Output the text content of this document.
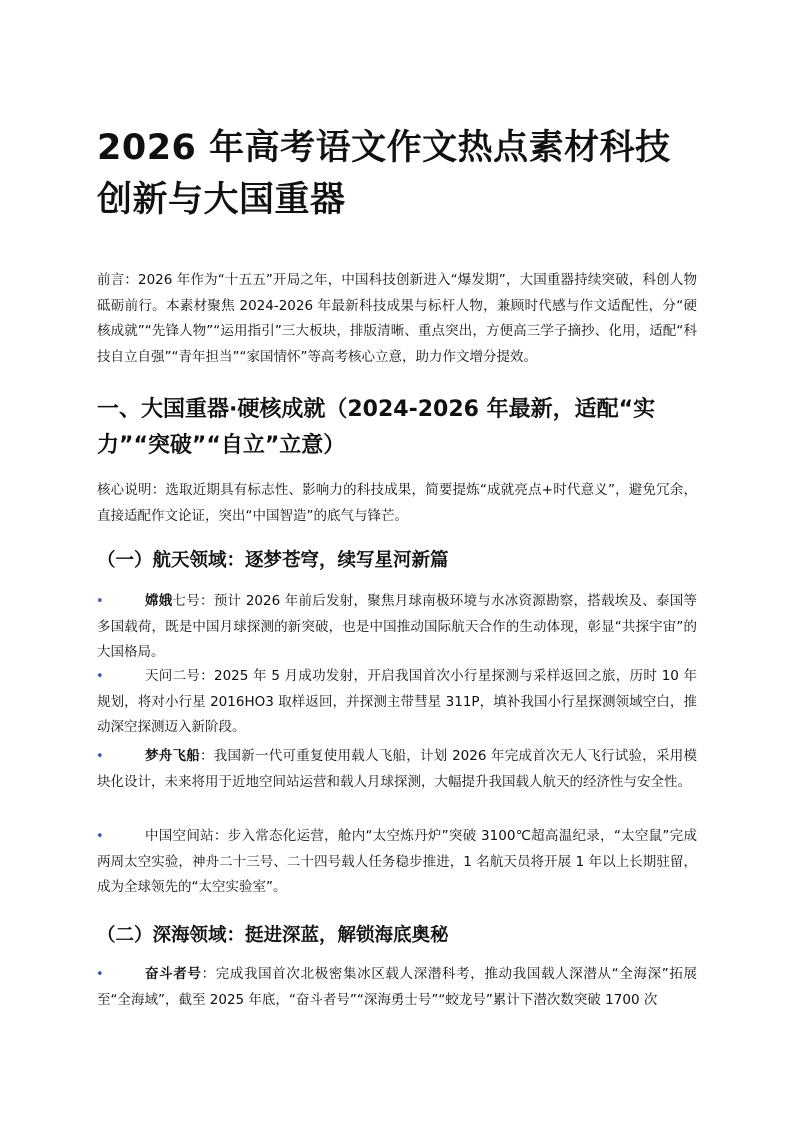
2026 年高考语文作文热点素材科技创新与大国重器

前言：2026 年作为“十五五”开局之年，中国科技创新进入“爆发期”，大国重器持续突破，科创人物砥砺前行。本素材聚焦 2024-2026 年最新科技成果与标杆人物，兼顾时代感与作文适配性，分“硬核成就”“先锋人物”“运用指引”三大板块，排版清晰、重点突出，方便高三学子摘抄、化用，适配“科技自立自强”“青年担当”“家国情怀”等高考核心立意，助力作文增分提效。

一、大国重器·硬核成就（2024-2026 年最新，适配“实力”“突破”“自立”立意）

核心说明：选取近期具有标志性、影响力的科技成果，简要提炼“成就亮点+时代意义”，避免冗余，直接适配作文论证，突出“中国智造”的底气与锋芒。

（一）航天领域：逐梦苍穹，续写星河新篇
•	嫦娥七号：预计 2026 年前后发射，聚焦月球南极环境与水冰资源勘察，搭载埃及、泰国等多国载荷，既是中国月球探测的新突破，也是中国推动国际航天合作的生动体现，彰显“共探宇宙”的大国格局。

•	天问二号：2025 年 5 月成功发射，开启我国首次小行星探测与采样返回之旅，历时 10 年规划，将对小行星 2016HO3 取样返回，并探测主带彗星 311P，填补我国小行星探测领域空白，推动深空探测迈入新阶段。

•	梦舟飞船：我国新一代可重复使用载人飞船，计划 2026 年完成首次无人飞行试验，采用模块化设计，未来将用于近地空间站运营和载人月球探测，大幅提升我国载人航天的经济性与安全性。

•	中国空间站：步入常态化运营，舱内“太空炼丹炉”突破 3100℃超高温纪录，“太空鼠”完成两周太空实验，神舟二十三号、二十四号载人任务稳步推进，1 名航天员将开展 1 年以上长期驻留，成为全球领先的“太空实验室”。

（二）深海领域：挺进深蓝，解锁海底奥秘
•	奋斗者号：完成我国首次北极密集冰区载人深潜科考，推动我国载人深潜从“全海深”拓展至“全海域”，截至 2025 年底，“奋斗者号”“深海勇士号”“蛟龙号”累计下潜次数突破 1700 次
